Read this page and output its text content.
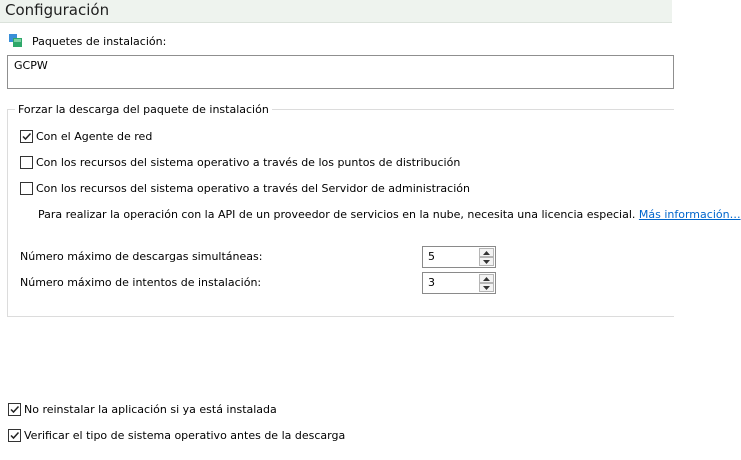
Configuración
Paquetes de instalación:
GCPW
Forzar la descarga del paquete de instalación
Con el Agente de red
Con los recursos del sistema operativo a través de los puntos de distribución
Con los recursos del sistema operativo a través del Servidor de administración
Para realizar la operación con la API de un proveedor de servicios en la nube, necesita una licencia especial. Más información…
Número máximo de descargas simultáneas:	5
Número máximo de intentos de instalación:	3
No reinstalar la aplicación si ya está instalada
Verificar el tipo de sistema operativo antes de la descarga
